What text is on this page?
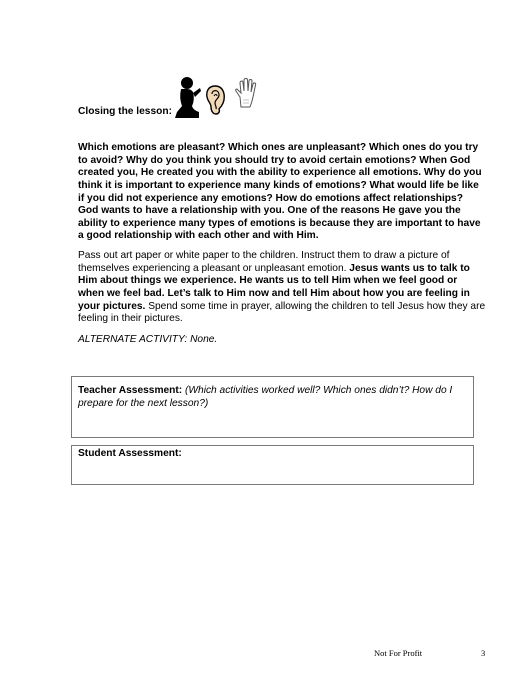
Closing the lesson:

Which emotions are pleasant? Which ones are unpleasant? Which ones do you try to avoid? Why do you think you should try to avoid certain emotions? When God created you, He created you with the ability to experience all emotions. Why do you think it is important to experience many kinds of emotions? What would life be like if you did not experience any emotions? How do emotions affect relationships? God wants to have a relationship with you. One of the reasons He gave you the ability to experience many types of emotions is because they are important to have a good relationship with each other and with Him.

Pass out art paper or white paper to the children. Instruct them to draw a picture of themselves experiencing a pleasant or unpleasant emotion. Jesus wants us to talk to Him about things we experience. He wants us to tell Him when we feel good or when we feel bad. Let’s talk to Him now and tell Him about how you are feeling in your pictures. Spend some time in prayer, allowing the children to tell Jesus how they are feeling in their pictures.

ALTERNATE ACTIVITY: None.

Teacher Assessment: (Which activities worked well? Which ones didn’t? How do I prepare for the next lesson?)
Student Assessment:
Not For Profit	3
